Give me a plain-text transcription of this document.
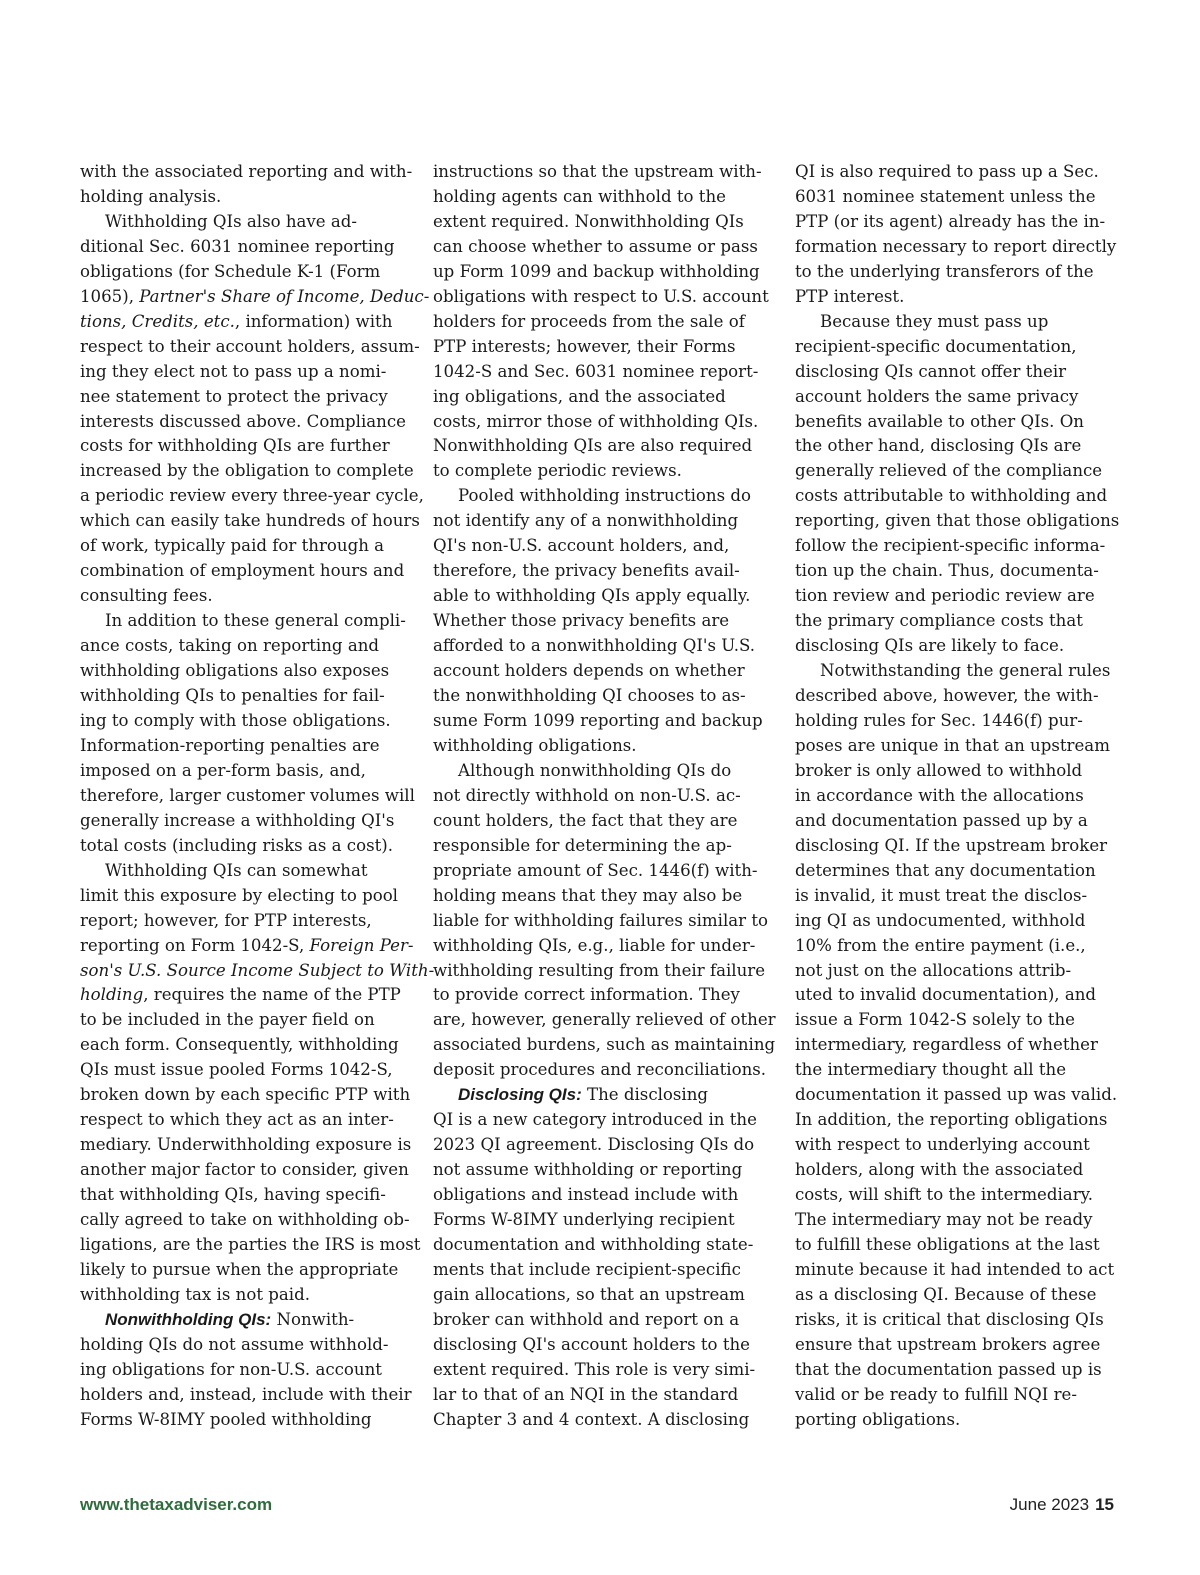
with the associated reporting and with-
holding analysis.
Withholding QIs also have ad-
ditional Sec. 6031 nominee reporting
obligations (for Schedule K-1 (Form
1065), Partner's Share of Income, Deduc-
tions, Credits, etc., information) with
respect to their account holders, assum-
ing they elect not to pass up a nomi-
nee statement to protect the privacy
interests discussed above. Compliance
costs for withholding QIs are further
increased by the obligation to complete
a periodic review every three-year cycle,
which can easily take hundreds of hours
of work, typically paid for through a
combination of employment hours and
consulting fees.
In addition to these general compli-
ance costs, taking on reporting and
withholding obligations also exposes
withholding QIs to penalties for fail-
ing to comply with those obligations.
Information-reporting penalties are
imposed on a per-form basis, and,
therefore, larger customer volumes will
generally increase a withholding QI's
total costs (including risks as a cost).
Withholding QIs can somewhat
limit this exposure by electing to pool
report; however, for PTP interests,
reporting on Form 1042-S, Foreign Per-
son's U.S. Source Income Subject to With-
holding, requires the name of the PTP
to be included in the payer field on
each form. Consequently, withholding
QIs must issue pooled Forms 1042-S,
broken down by each specific PTP with
respect to which they act as an inter-
mediary. Underwithholding exposure is
another major factor to consider, given
that withholding QIs, having specifi-
cally agreed to take on withholding ob-
ligations, are the parties the IRS is most
likely to pursue when the appropriate
withholding tax is not paid.
Nonwithholding QIs: Nonwith-
holding QIs do not assume withhold-
ing obligations for non-U.S. account
holders and, instead, include with their
Forms W-8IMY pooled withholding
instructions so that the upstream with-
holding agents can withhold to the
extent required. Nonwithholding QIs
can choose whether to assume or pass
up Form 1099 and backup withholding
obligations with respect to U.S. account
holders for proceeds from the sale of
PTP interests; however, their Forms
1042-S and Sec. 6031 nominee report-
ing obligations, and the associated
costs, mirror those of withholding QIs.
Nonwithholding QIs are also required
to complete periodic reviews.
Pooled withholding instructions do
not identify any of a nonwithholding
QI's non-U.S. account holders, and,
therefore, the privacy benefits avail-
able to withholding QIs apply equally.
Whether those privacy benefits are
afforded to a nonwithholding QI's U.S.
account holders depends on whether
the nonwithholding QI chooses to as-
sume Form 1099 reporting and backup
withholding obligations.
Although nonwithholding QIs do
not directly withhold on non-U.S. ac-
count holders, the fact that they are
responsible for determining the ap-
propriate amount of Sec. 1446(f) with-
holding means that they may also be
liable for withholding failures similar to
withholding QIs, e.g., liable for under-
withholding resulting from their failure
to provide correct information. They
are, however, generally relieved of other
associated burdens, such as maintaining
deposit procedures and reconciliations.
Disclosing QIs: The disclosing
QI is a new category introduced in the
2023 QI agreement. Disclosing QIs do
not assume withholding or reporting
obligations and instead include with
Forms W-8IMY underlying recipient
documentation and withholding state-
ments that include recipient-specific
gain allocations, so that an upstream
broker can withhold and report on a
disclosing QI's account holders to the
extent required. This role is very simi-
lar to that of an NQI in the standard
Chapter 3 and 4 context. A disclosing
QI is also required to pass up a Sec.
6031 nominee statement unless the
PTP (or its agent) already has the in-
formation necessary to report directly
to the underlying transferors of the
PTP interest.
Because they must pass up
recipient-specific documentation,
disclosing QIs cannot offer their
account holders the same privacy
benefits available to other QIs. On
the other hand, disclosing QIs are
generally relieved of the compliance
costs attributable to withholding and
reporting, given that those obligations
follow the recipient-specific informa-
tion up the chain. Thus, documenta-
tion review and periodic review are
the primary compliance costs that
disclosing QIs are likely to face.
Notwithstanding the general rules
described above, however, the with-
holding rules for Sec. 1446(f) pur-
poses are unique in that an upstream
broker is only allowed to withhold
in accordance with the allocations
and documentation passed up by a
disclosing QI. If the upstream broker
determines that any documentation
is invalid, it must treat the disclos-
ing QI as undocumented, withhold
10% from the entire payment (i.e.,
not just on the allocations attrib-
uted to invalid documentation), and
issue a Form 1042-S solely to the
intermediary, regardless of whether
the intermediary thought all the
documentation it passed up was valid.
In addition, the reporting obligations
with respect to underlying account
holders, along with the associated
costs, will shift to the intermediary.
The intermediary may not be ready
to fulfill these obligations at the last
minute because it had intended to act
as a disclosing QI. Because of these
risks, it is critical that disclosing QIs
ensure that upstream brokers agree
that the documentation passed up is
valid or be ready to fulfill NQI re-
porting obligations.
www.thetaxadviser.com	June 2023 15
